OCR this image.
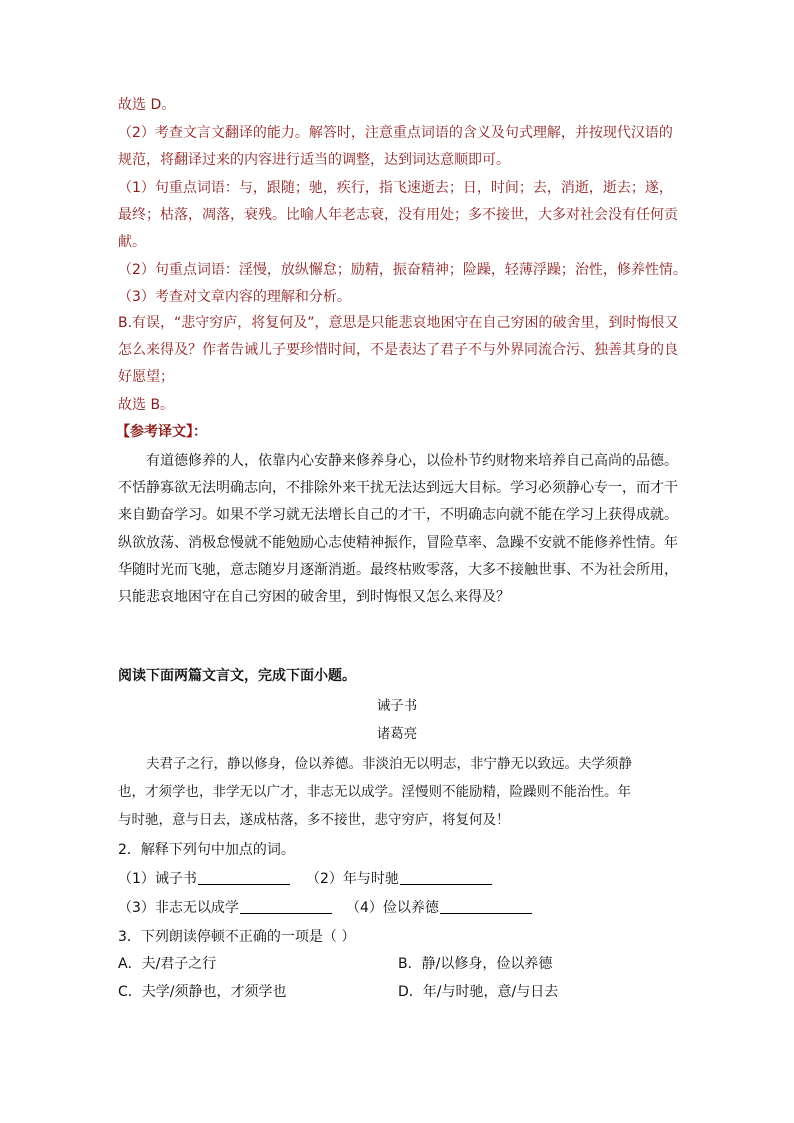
故选 D。
（2）考查文言文翻译的能力。解答时，注意重点词语的含义及句式理解，并按现代汉语的
规范，将翻译过来的内容进行适当的调整，达到词达意顺即可。
（1）句重点词语：与，跟随；驰，疾行，指飞速逝去；日，时间；去，消逝，逝去；遂，
最终；枯落，凋落，衰残。比喻人年老志衰，没有用处；多不接世，大多对社会没有任何贡
献。
（2）句重点词语：淫慢，放纵懈怠；励精，振奋精神；险躁，轻薄浮躁；治性，修养性情。
（3）考查对文章内容的理解和分析。
B.有误，“悲守穷庐，将复何及”，意思是只能悲哀地困守在自己穷困的破舍里，到时悔恨又
怎么来得及？作者告诫儿子要珍惜时间，不是表达了君子不与外界同流合污、独善其身的良
好愿望；
故选 B。
【参考译文】：
有道德修养的人，依靠内心安静来修养身心，以俭朴节约财物来培养自己高尚的品德。
不恬静寡欲无法明确志向，不排除外来干扰无法达到远大目标。学习必须静心专一，而才干
来自勤奋学习。如果不学习就无法增长自己的才干，不明确志向就不能在学习上获得成就。
纵欲放荡、消极怠慢就不能勉励心志使精神振作，冒险草率、急躁不安就不能修养性情。年
华随时光而飞驰，意志随岁月逐渐消逝。最终枯败零落，大多不接触世事、不为社会所用，
只能悲哀地困守在自己穷困的破舍里，到时悔恨又怎么来得及？
阅读下面两篇文言文，完成下面小题。
诫子书
诸葛亮
夫君子之行，静以修身，俭以养德。非淡泊无以明志，非宁静无以致远。夫学须静
也，才须学也，非学无以广才，非志无以成学。淫慢则不能励精，险躁则不能治性。年
与时驰，意与日去，遂成枯落，多不接世，悲守穷庐，将复何及！
2．解释下列句中加点的词。
（1）诫子书	（2）年与时驰
（3）非志无以成学	（4）俭以养德
3．下列朗读停顿不正确的一项是（ ）
A．夫/君子之行	B．静/以修身，俭以养德
C．夫学/须静也，才须学也	D．年/与时驰，意/与日去
